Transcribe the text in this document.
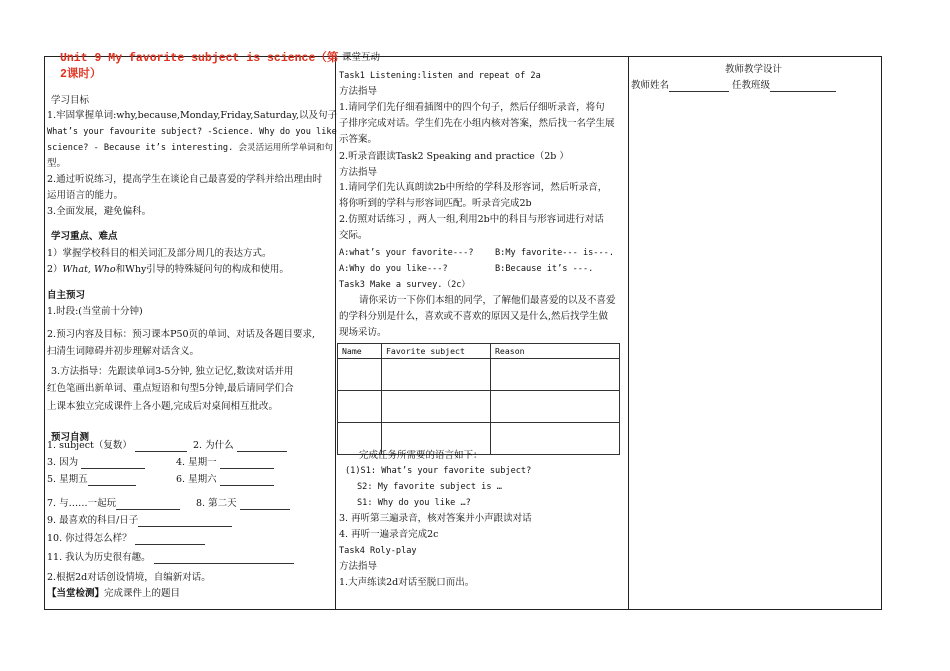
Unit 9 My favorite subject is science（第2课时）
学习目标
1.牢固掌握单词:why,because,Monday,Friday,Saturday,以及句子
What’s your favourite subject? -Science. Why do you like
science? - Because it’s interesting. 会灵活运用所学单词和句
型。
2.通过听说练习，提高学生在谈论自己最喜爱的学科并给出理由时
运用语言的能力。
3.全面发展，避免偏科。
学习重点、难点
1）掌握学校科目的相关词汇及部分周几的表达方式。
2）What, Who和Why引导的特殊疑问句的构成和使用。
自主预习
1.时段:(当堂前十分钟)
2.预习内容及目标：预习课本P50页的单词、对话及各题目要求,
扫清生词障碍并初步理解对话含义。
3.方法指导：先跟读单词3-5分钟, 独立记忆,数读对话并用
红色笔画出新单词、重点短语和句型5分钟,最后请同学们合
上课本独立完成课件上各小题,完成后对桌间相互批改。
预习自测
1. subject（复数）	2. 为什么
3. 因为	4. 星期一
5. 星期五	6. 星期六
7. 与……一起玩	8. 第二天
9. 最喜欢的科目/日子
10. 你过得怎么样？
11. 我认为历史很有趣。
2.根据2d对话创设情境，自编新对话。
【当堂检测】完成课件上的题目
课堂互动
Task1 Listening:listen and repeat of 2a
方法指导
1.请同学们先仔细看插图中的四个句子，然后仔细听录音，将句
子排序完成对话。学生们先在小组内核对答案，然后找一名学生展
示答案。
2.听录音跟读Task2 Speaking and practice（2b ）
方法指导
1.请同学们先认真朗读2b中所给的学科及形容词，然后听录音，
将你听到的学科与形容词匹配。听录音完成2b
2.仿照对话练习 ，两人一组,利用2b中的科目与形容词进行对话
交际。
A:what’s your favorite---? B:My favorite--- is---.
A:Why do you like---?	B:Because it’s ---.
Task3 Make a survey.（2c）
请你采访一下你们本组的同学，了解他们最喜爱的以及不喜爱
的学科分别是什么，喜欢或不喜欢的原因又是什么,然后找学生做
现场采访。
Name	Favorite subject	Reason

完成任务所需要的语言如下：
(1)S1: What’s your favorite subject?
S2: My favorite subject is …
S1: Why do you like …?
3. 再听第三遍录音，核对答案并小声跟读对话
4. 再听一遍录音完成2c
Task4 Roly-play
方法指导
1.大声练读2d对话至脱口而出。
教师教学设计
教师姓名	任教班级
